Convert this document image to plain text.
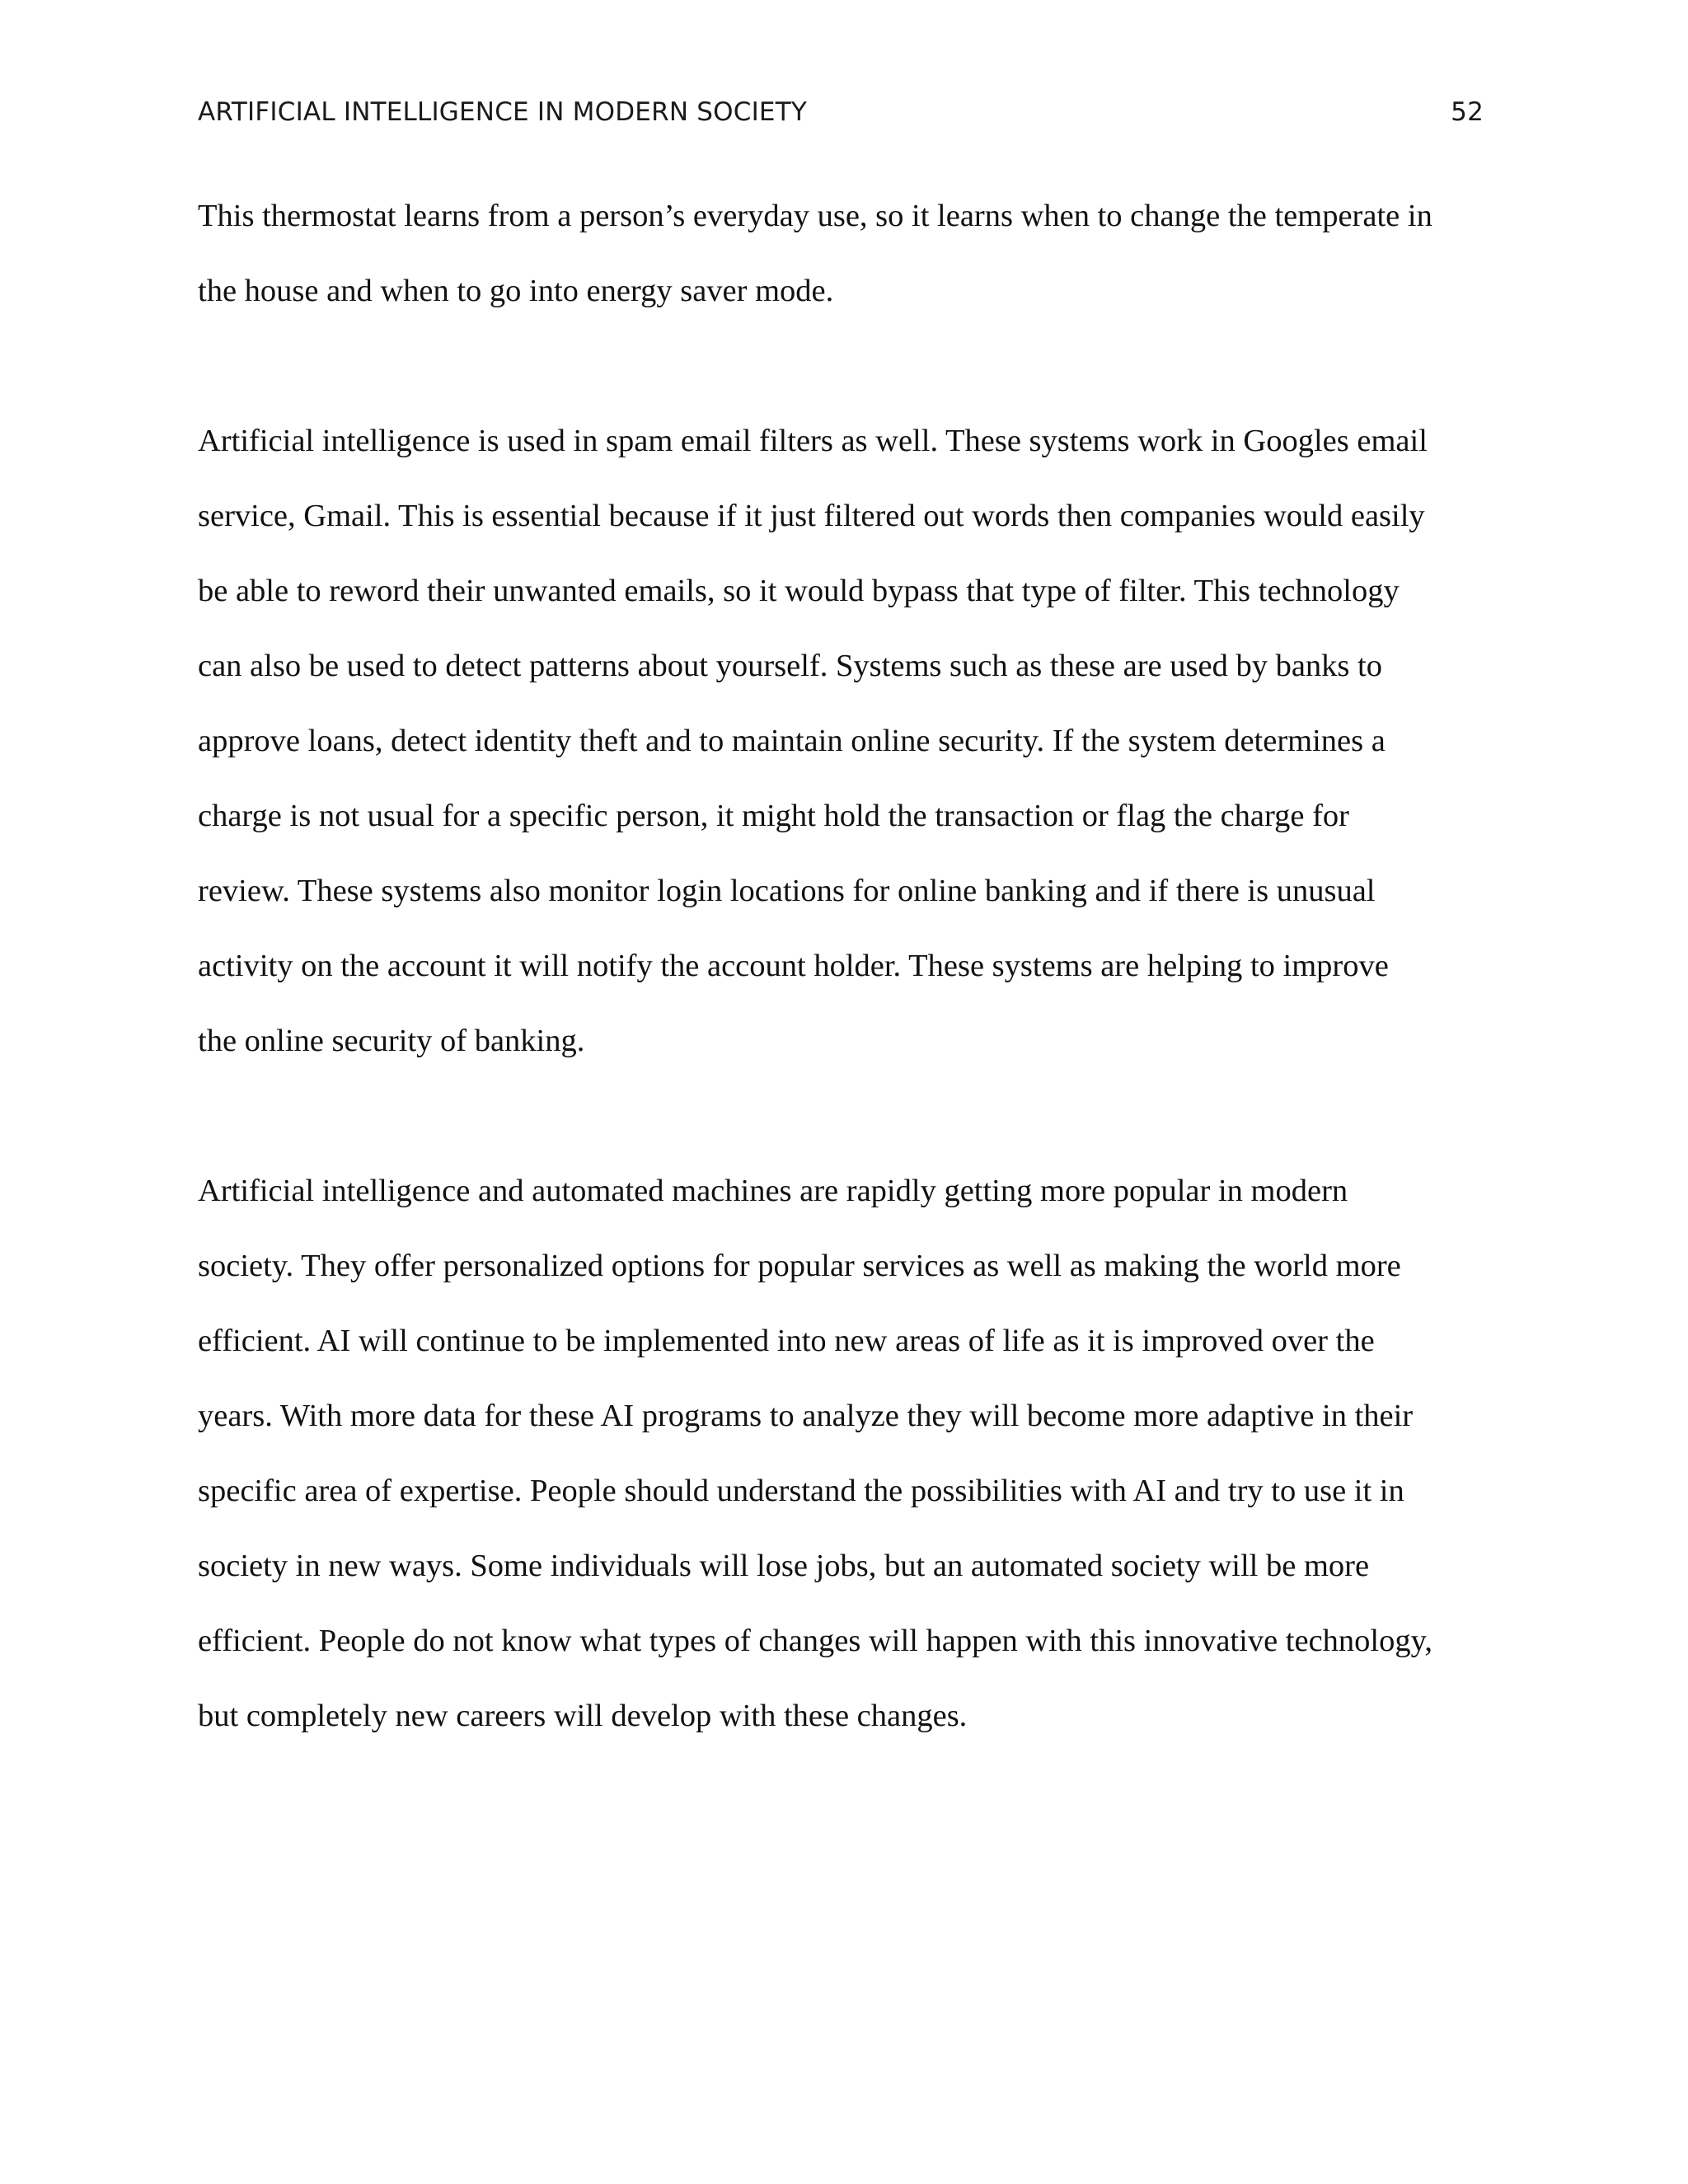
ARTIFICIAL INTELLIGENCE IN MODERN SOCIETY	52
This thermostat learns from a person’s everyday use, so it learns when to change the temperate in
the house and when to go into energy saver mode.
Artificial intelligence is used in spam email filters as well. These systems work in Googles email
service, Gmail. This is essential because if it just filtered out words then companies would easily
be able to reword their unwanted emails, so it would bypass that type of filter. This technology
can also be used to detect patterns about yourself. Systems such as these are used by banks to
approve loans, detect identity theft and to maintain online security. If the system determines a
charge is not usual for a specific person, it might hold the transaction or flag the charge for
review. These systems also monitor login locations for online banking and if there is unusual
activity on the account it will notify the account holder. These systems are helping to improve
the online security of banking.
Artificial intelligence and automated machines are rapidly getting more popular in modern
society. They offer personalized options for popular services as well as making the world more
efficient. AI will continue to be implemented into new areas of life as it is improved over the
years. With more data for these AI programs to analyze they will become more adaptive in their
specific area of expertise. People should understand the possibilities with AI and try to use it in
society in new ways. Some individuals will lose jobs, but an automated society will be more
efficient. People do not know what types of changes will happen with this innovative technology,
but completely new careers will develop with these changes.
